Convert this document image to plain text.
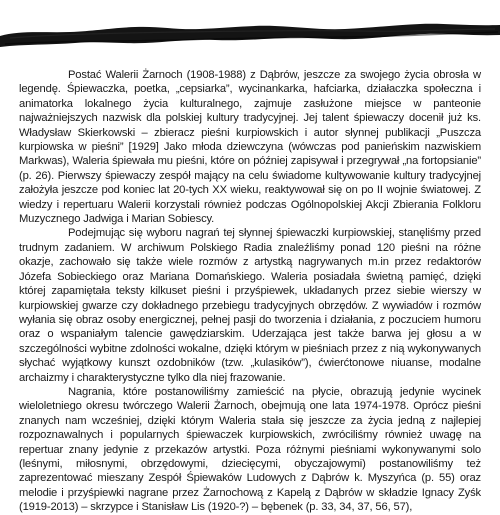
Postać Walerii Żarnoch (1908-1988) z Dąbrów, jeszcze za swojego życia obrosła w legendę. Śpiewaczka, poetka, „cepsiarka”, wycinankarka, hafciarka, działaczka społeczna i animatorka lokalnego życia kulturalnego, zajmuje zasłużone miejsce w panteonie najważniejszych nazwisk dla polskiej kultury tradycyjnej. Jej talent śpiewaczy docenił już ks. Władysław Skierkowski – zbieracz pieśni kurpiowskich i autor słynnej publikacji „Puszcza kurpiowska w pieśni” [1929] Jako młoda dziewczyna (wówczas pod panieńskim nazwiskiem Markwas), Waleria śpiewała mu pieśni, które on później zapisywał i przegrywał „na fortopsianie” (p. 26). Pierwszy śpiewaczy zespół mający na celu świadome kultywowanie kultury tradycyjnej założyła jeszcze pod koniec lat 20-tych XX wieku, reaktywował się on po II wojnie światowej. Z wiedzy i repertuaru Walerii korzystali również podczas Ogólnopolskiej Akcji Zbierania Folkloru Muzycznego Jadwiga i Marian Sobiescy.

Podejmując się wyboru nagrań tej słynnej śpiewaczki kurpiowskiej, stanęliśmy przed trudnym zadaniem. W archiwum Polskiego Radia znaleźliśmy ponad 120 pieśni na różne okazje, zachowało się także wiele rozmów z artystką nagrywanych m.in przez redaktorów Józefa Sobieckiego oraz Mariana Domańskiego. Waleria posiadała świetną pamięć, dzięki której zapamiętała teksty kilkuset pieśni i przyśpiewek, układanych przez siebie wierszy w kurpiowskiej gwarze czy dokładnego przebiegu tradycyjnych obrzędów. Z wywiadów i rozmów wyłania się obraz osoby energicznej, pełnej pasji do tworzenia i działania, z poczuciem humoru oraz o wspaniałym talencie gawędziarskim. Uderzająca jest także barwa jej głosu a w szczególności wybitne zdolności wokalne, dzięki którym w pieśniach przez z nią wykonywanych słychać wyjątkowy kunszt ozdobników (tzw. „kulasików”), ćwierćtonowe niuanse, modalne archaizmy i charakterystyczne tylko dla niej frazowanie.

Nagrania, które postanowiliśmy zamieścić na płycie, obrazują jedynie wycinek wieloletniego okresu twórczego Walerii Żarnoch, obejmują one lata 1974-1978. Oprócz pieśni znanych nam wcześniej, dzięki którym Waleria stała się jeszcze za życia jedną z najlepiej rozpoznawalnych i popularnych śpiewaczek kurpiowskich, zwróciliśmy również uwagę na repertuar znany jedynie z przekazów artystki. Poza różnymi pieśniami wykonywanymi solo (leśnymi, miłosnymi, obrzędowymi, dziecięcymi, obyczajowymi) postanowiliśmy też zaprezentować mieszany Zespół Śpiewaków Ludowych z Dąbrów k. Myszyńca (p. 55) oraz melodie i przyśpiewki nagrane przez Żarnochową z Kapelą z Dąbrów w składzie Ignacy Zyśk (1919-2013) – skrzypce i Stanisław Lis (1920-?) – bębenek (p. 33, 34, 37, 56, 57),
